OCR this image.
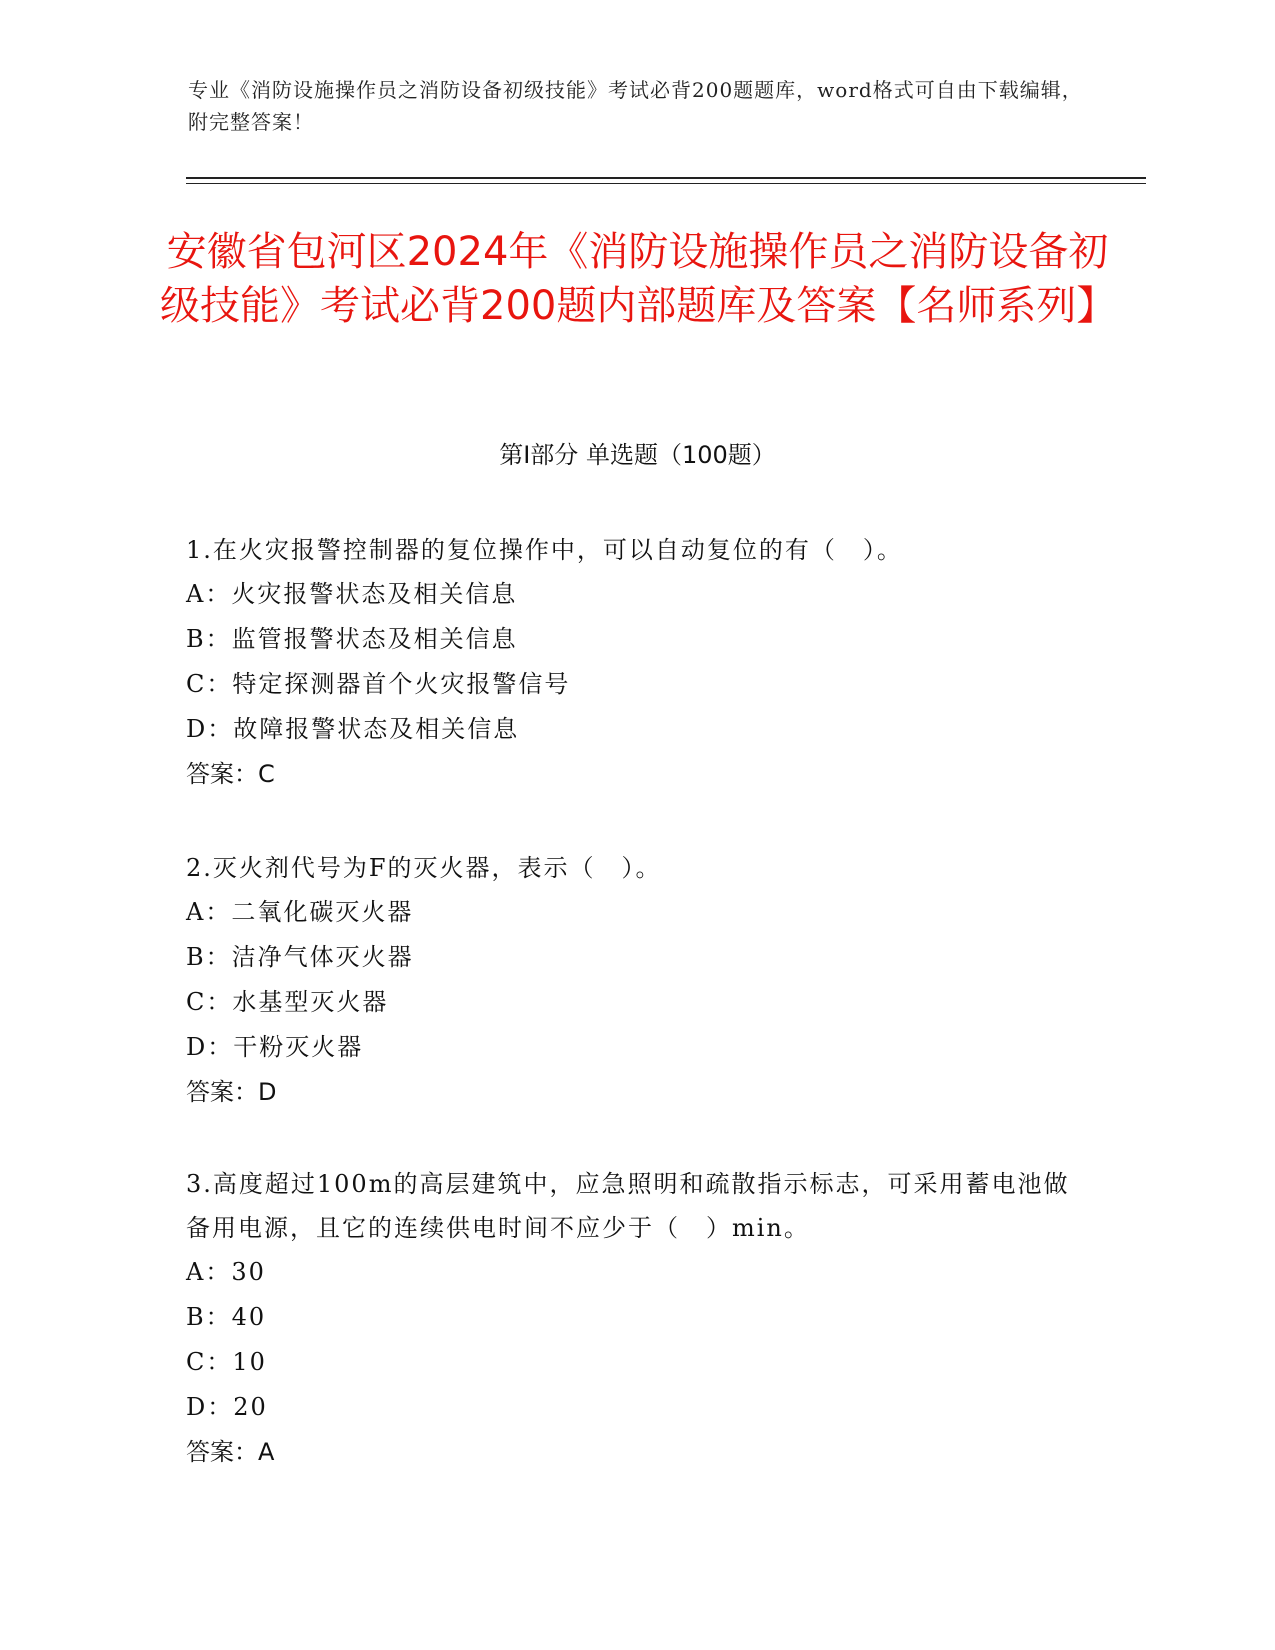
专业《消防设施操作员之消防设备初级技能》考试必背200题题库，word格式可自由下载编辑，附完整答案！
安徽省包河区2024年《消防设施操作员之消防设备初级技能》考试必背200题内部题库及答案【名师系列】
第Ⅰ部分 单选题（100题）

1.在火灾报警控制器的复位操作中，可以自动复位的有（　）。

A：火灾报警状态及相关信息

B：监管报警状态及相关信息

C：特定探测器首个火灾报警信号

D：故障报警状态及相关信息

答案：C

2.灭火剂代号为F的灭火器，表示（　）。

A：二氧化碳灭火器

B：洁净气体灭火器

C：水基型灭火器

D：干粉灭火器

答案：D

3.高度超过100m的高层建筑中，应急照明和疏散指示标志，可采用蓄电池做备用电源，且它的连续供电时间不应少于（　）min。

A：30

B：40

C：10

D：20

答案：A
